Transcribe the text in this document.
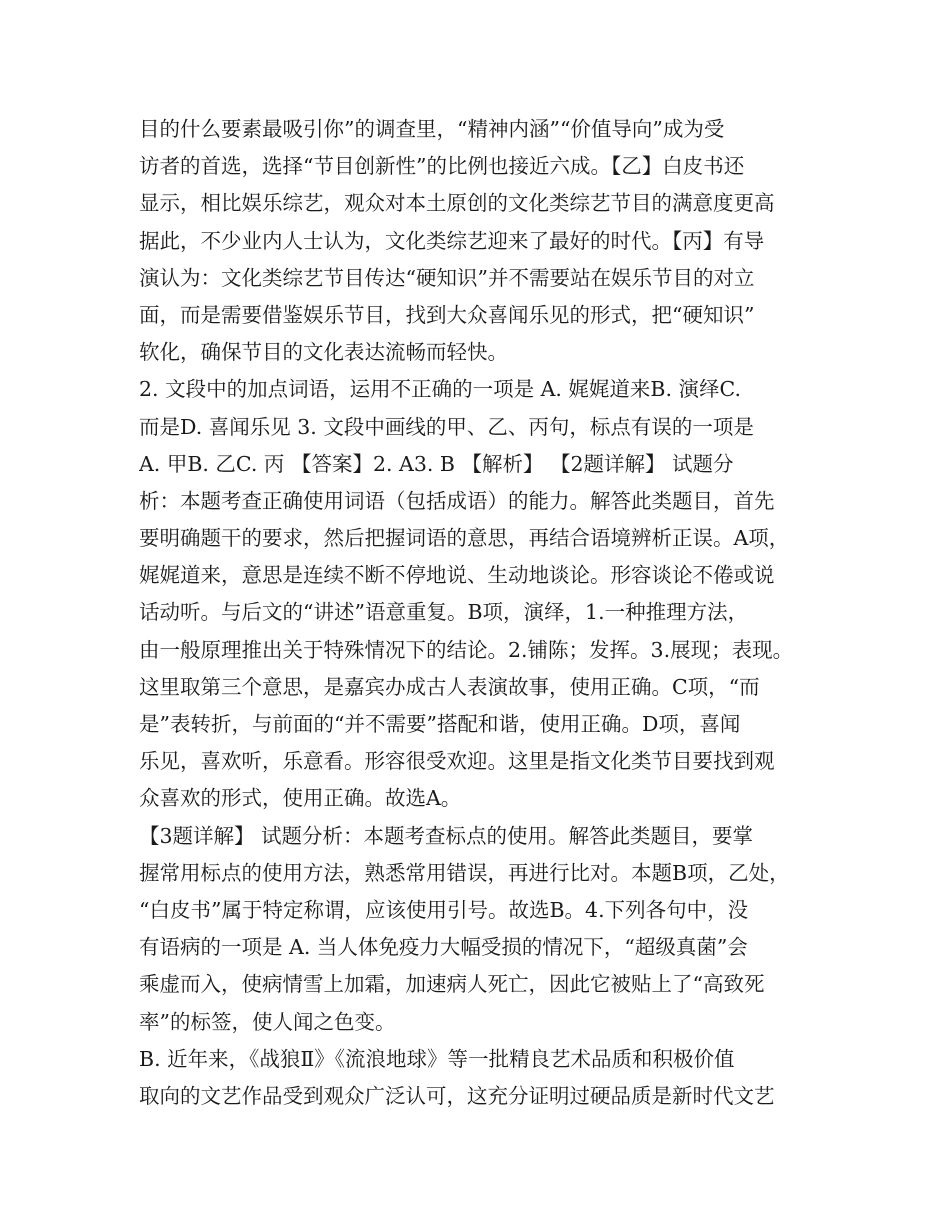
目的什么要素最吸引你”的调查里，“精神内涵”“价值导向”成为受
访者的首选，选择“节目创新性”的比例也接近六成。【乙】白皮书还
显示，相比娱乐综艺，观众对本土原创的文化类综艺节目的满意度更高
据此，不少业内人士认为，文化类综艺迎来了最好的时代。【丙】有导
演认为：文化类综艺节目传达“硬知识”并不需要站在娱乐节目的对立
面，而是需要借鉴娱乐节目，找到大众喜闻乐见的形式，把“硬知识”
软化，确保节目的文化表达流畅而轻快。
2. 文段中的加点词语，运用不正确的一项是 A. 娓娓道来B. 演绎C.
而是D. 喜闻乐见 3. 文段中画线的甲、乙、丙句，标点有误的一项是
A. 甲B. 乙C. 丙 【答案】2. A3. B 【解析】 【2题详解】 试题分
析：本题考查正确使用词语（包括成语）的能力。解答此类题目，首先
要明确题干的要求，然后把握词语的意思，再结合语境辨析正误。A项，
娓娓道来，意思是连续不断不停地说、生动地谈论。形容谈论不倦或说
话动听。与后文的“讲述”语意重复。B项，演绎，1.一种推理方法，
由一般原理推出关于特殊情况下的结论。2.铺陈；发挥。3.展现；表现。
这里取第三个意思，是嘉宾办成古人表演故事，使用正确。C项，“而
是”表转折，与前面的“并不需要”搭配和谐，使用正确。D项，喜闻
乐见，喜欢听，乐意看。形容很受欢迎。这里是指文化类节目要找到观
众喜欢的形式，使用正确。故选A。
【3题详解】 试题分析：本题考查标点的使用。解答此类题目，要掌
握常用标点的使用方法，熟悉常用错误，再进行比对。本题B项，乙处，
“白皮书”属于特定称谓，应该使用引号。故选B。4.下列各句中，没
有语病的一项是 A. 当人体免疫力大幅受损的情况下，“超级真菌”会
乘虚而入，使病情雪上加霜，加速病人死亡，因此它被贴上了“高致死
率”的标签，使人闻之色变。
B. 近年来，《战狼Ⅱ》《流浪地球》等一批精良艺术品质和积极价值
取向的文艺作品受到观众广泛认可，这充分证明过硬品质是新时代文艺
